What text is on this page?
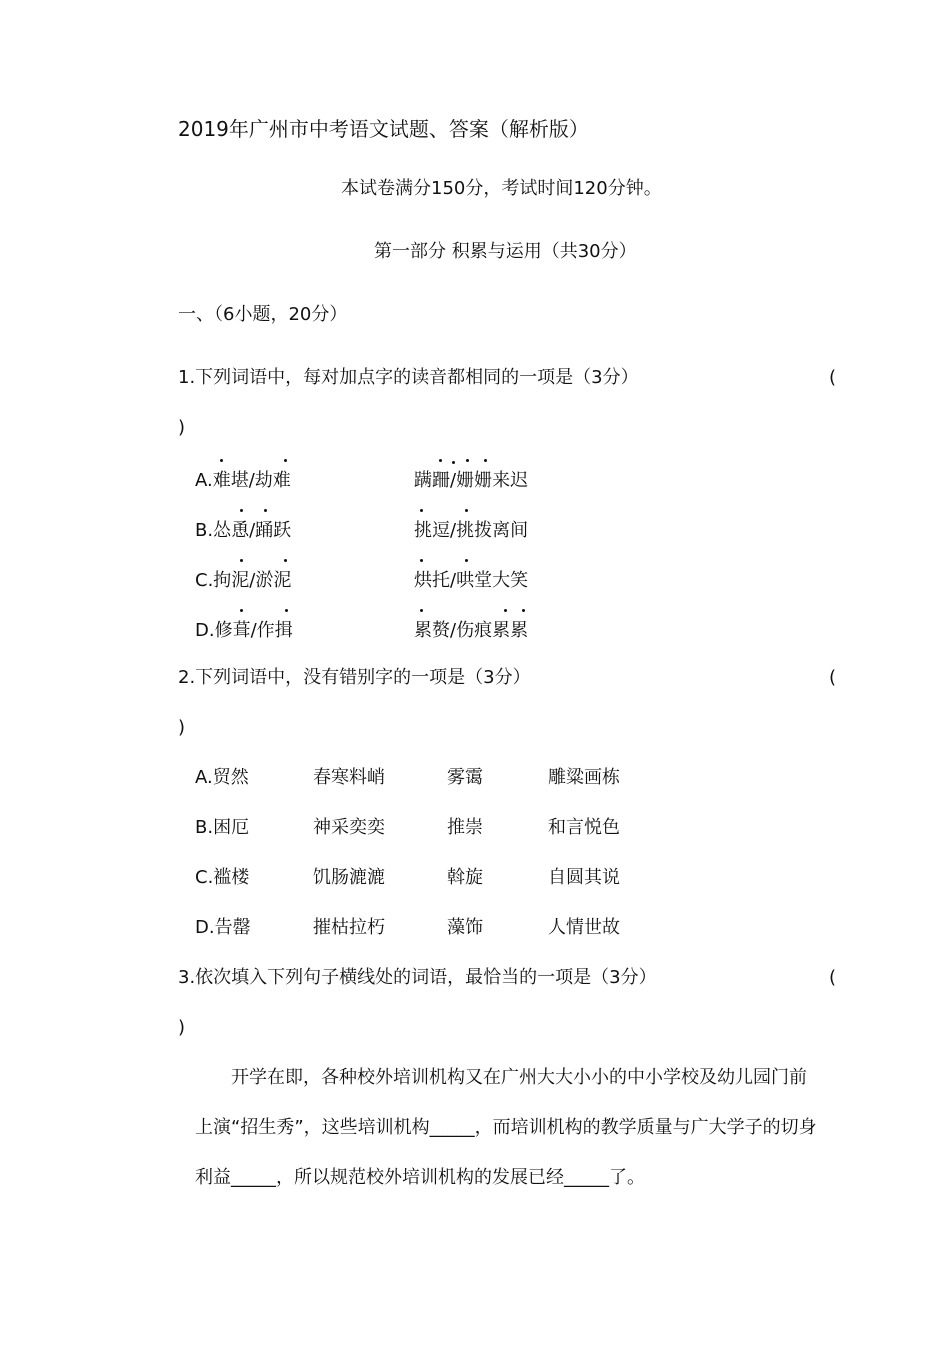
2019年广州市中考语文试题、答案（解析版）
本试卷满分150分，考试时间120分钟。
第一部分 积累与运用（共30分）
一、（6小题，20分）
1.下列词语中，每对加点字的读音都相同的一项是（3分）	(
)
A.难堪/劫难	蹒跚/姗姗来迟
B.怂恿/踊跃	挑逗/挑拨离间
C.拘泥/淤泥	烘托/哄堂大笑
D.修葺/作揖	累赘/伤痕累累
2.下列词语中，没有错别字的一项是（3分）	(
)
A.贸然	春寒料峭	雾霭	雕粱画栋
B.困厄	神采奕奕	推崇	和言悦色
C.褴楼	饥肠漉漉	斡旋	自圆其说
D.告罄	摧枯拉朽	藻饰	人情世故
3.依次填入下列句子横线处的词语，最恰当的一项是（3分）	(
)
　　开学在即，各种校外培训机构又在广州大大小小的中小学校及幼儿园门前
上演“招生秀”，这些培训机构_____，而培训机构的教学质量与广大学子的切身
利益_____，所以规范校外培训机构的发展已经_____了。
